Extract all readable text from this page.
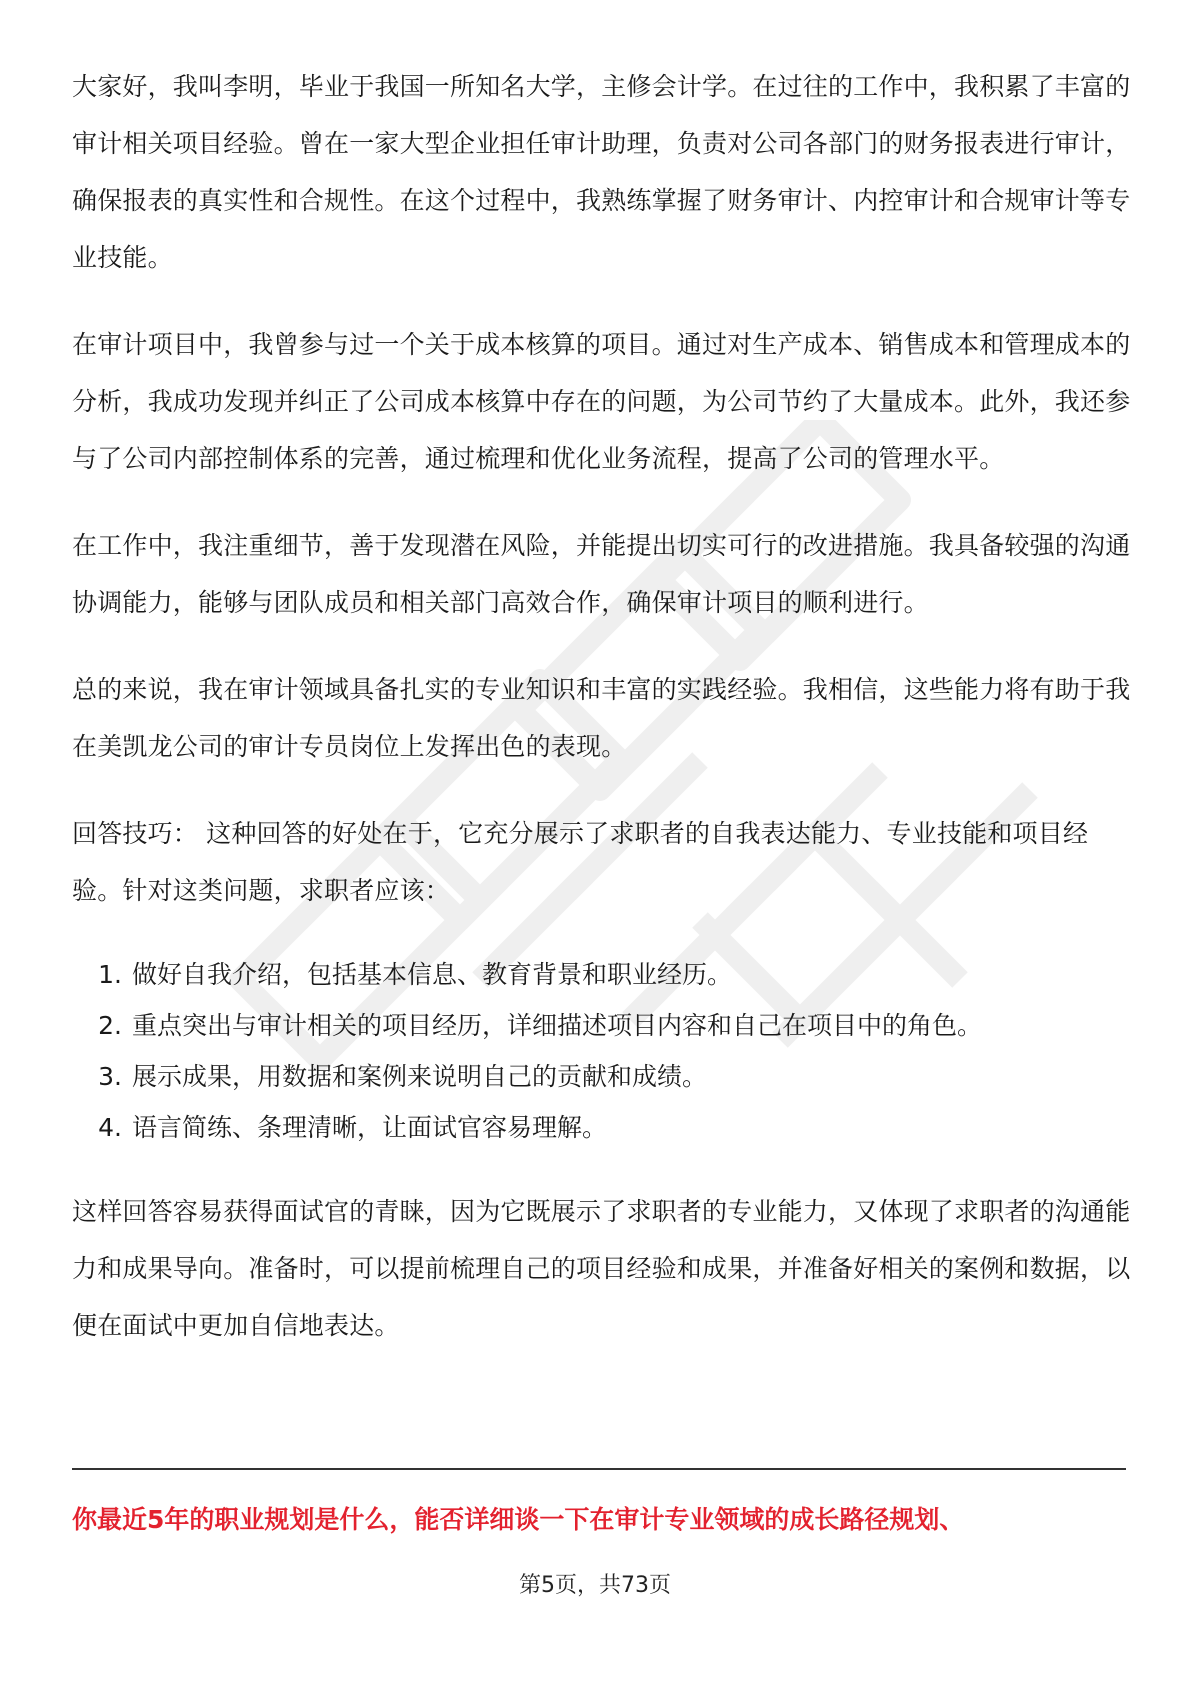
大家好，我叫李明，毕业于我国一所知名大学，主修会计学。在过往的工作中，我积累了丰富的审计相关项目经验。曾在一家大型企业担任审计助理，负责对公司各部门的财务报表进行审计，确保报表的真实性和合规性。在这个过程中，我熟练掌握了财务审计、内控审计和合规审计等专业技能。

在审计项目中，我曾参与过一个关于成本核算的项目。通过对生产成本、销售成本和管理成本的分析，我成功发现并纠正了公司成本核算中存在的问题，为公司节约了大量成本。此外，我还参与了公司内部控制体系的完善，通过梳理和优化业务流程，提高了公司的管理水平。

在工作中，我注重细节，善于发现潜在风险，并能提出切实可行的改进措施。我具备较强的沟通协调能力，能够与团队成员和相关部门高效合作，确保审计项目的顺利进行。

总的来说，我在审计领域具备扎实的专业知识和丰富的实践经验。我相信，这些能力将有助于我在美凯龙公司的审计专员岗位上发挥出色的表现。

回答技巧： 这种回答的好处在于，它充分展示了求职者的自我表达能力、专业技能和项目经验。针对这类问题，求职者应该：

1. 做好自我介绍，包括基本信息、教育背景和职业经历。
2. 重点突出与审计相关的项目经历，详细描述项目内容和自己在项目中的角色。
3. 展示成果，用数据和案例来说明自己的贡献和成绩。
4. 语言简练、条理清晰，让面试官容易理解。

这样回答容易获得面试官的青睐，因为它既展示了求职者的专业能力，又体现了求职者的沟通能力和成果导向。准备时，可以提前梳理自己的项目经验和成果，并准备好相关的案例和数据，以便在面试中更加自信地表达。

你最近5年的职业规划是什么，能否详细谈一下在审计专业领域的成长路径规划、
第5页，共73页
